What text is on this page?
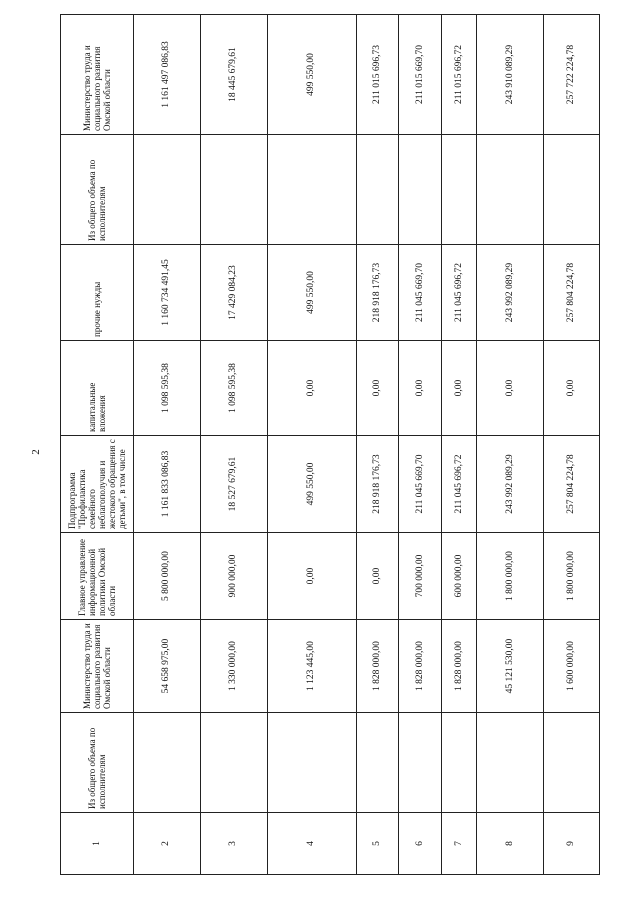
2
1	Из общего объема по исполнителям	Министерство труда и социального развития Омской области	Главное управление информационной политики Омской области	Подпрограмма "Профилактика семейного неблагополучия и жестокого обращения с детьми", в том числе	капитальные вложения	прочие нужды	Из общего объема по исполнителям	Министерство труда и социального развития Омской области	
2		54 658 975,00	5 800 000,00	1 161 833 086,83	1 098 595,38	1 160 734 491,45		1 161 497 086,83	
3		1 330 000,00	900 000,00	18 527 679,61	1 098 595,38	17 429 084,23		18 445 679,61	
4		1 123 445,00	0,00	499 550,00	0,00	499 550,00		499 550,00	
5		1 828 000,00	0,00	218 918 176,73	0,00	218 918 176,73		211 015 696,73	
6		1 828 000,00	700 000,00	211 045 669,70	0,00	211 045 669,70		211 015 669,70	
7		1 828 000,00	600 000,00	211 045 696,72	0,00	211 045 696,72		211 015 696,72	
8		45 121 530,00	1 800 000,00	243 992 089,29	0,00	243 992 089,29		243 910 089,29	
9		1 600 000,00	1 800 000,00	257 804 224,78	0,00	257 804 224,78		257 722 224,78	
